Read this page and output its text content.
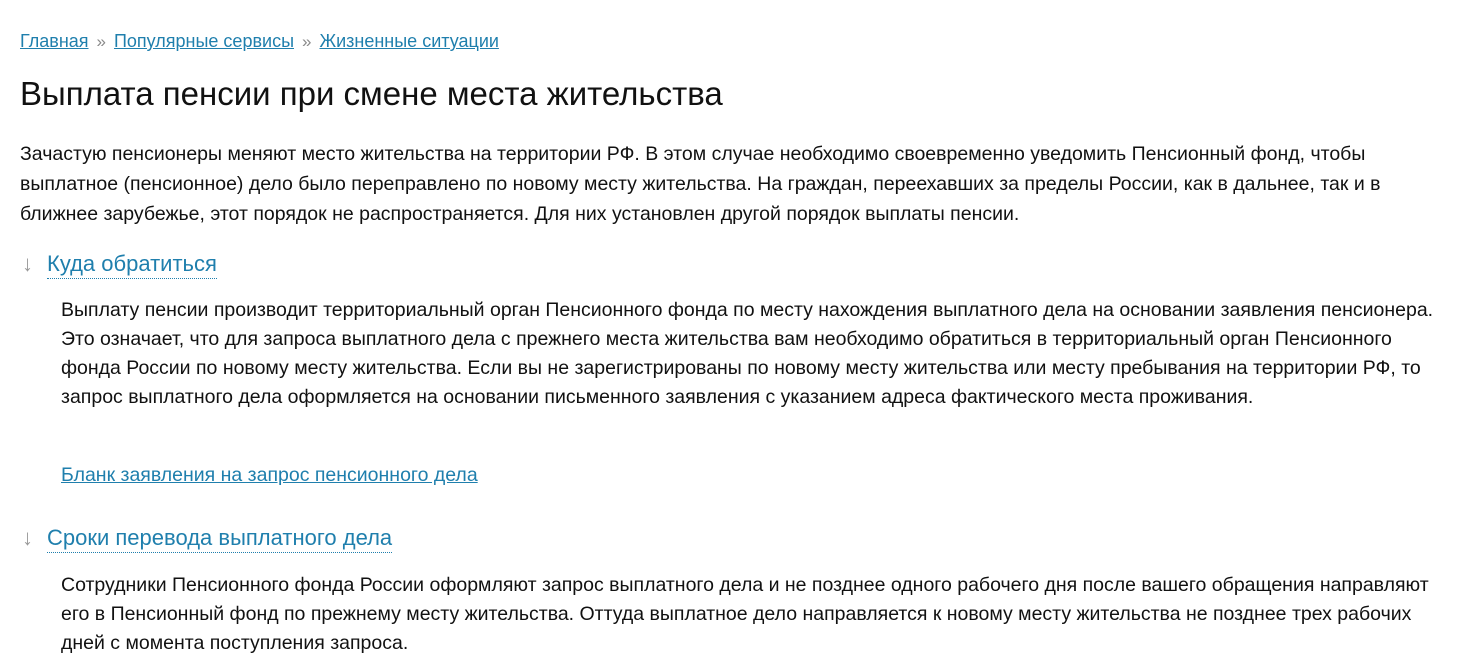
Главная » Популярные сервисы » Жизненные ситуации
Выплата пенсии при смене места жительства

Зачастую пенсионеры меняют место жительства на территории РФ. В этом случае необходимо своевременно уведомить Пенсионный фонд, чтобы выплатное (пенсионное) дело было переправлено по новому месту жительства. На граждан, переехавших за пределы России, как в дальнее, так и в ближнее зарубежье, этот порядок не распространяется. Для них установлен другой порядок выплаты пенсии.

↓ Куда обратиться

Выплату пенсии производит территориальный орган Пенсионного фонда по месту нахождения выплатного дела на основании заявления пенсионера. Это означает, что для запроса выплатного дела с прежнего места жительства вам необходимо обратиться в территориальный орган Пенсионного фонда России по новому месту жительства. Если вы не зарегистрированы по новому месту жительства или месту пребывания на территории РФ, то запрос выплатного дела оформляется на основании письменного заявления с указанием адреса фактического места проживания.

Бланк заявления на запрос пенсионного дела
↓ Сроки перевода выплатного дела

Сотрудники Пенсионного фонда России оформляют запрос выплатного дела и не позднее одного рабочего дня после вашего обращения направляют его в Пенсионный фонд по прежнему месту жительства. Оттуда выплатное дело направляется к новому месту жительства не позднее трех рабочих дней с момента поступления запроса.
